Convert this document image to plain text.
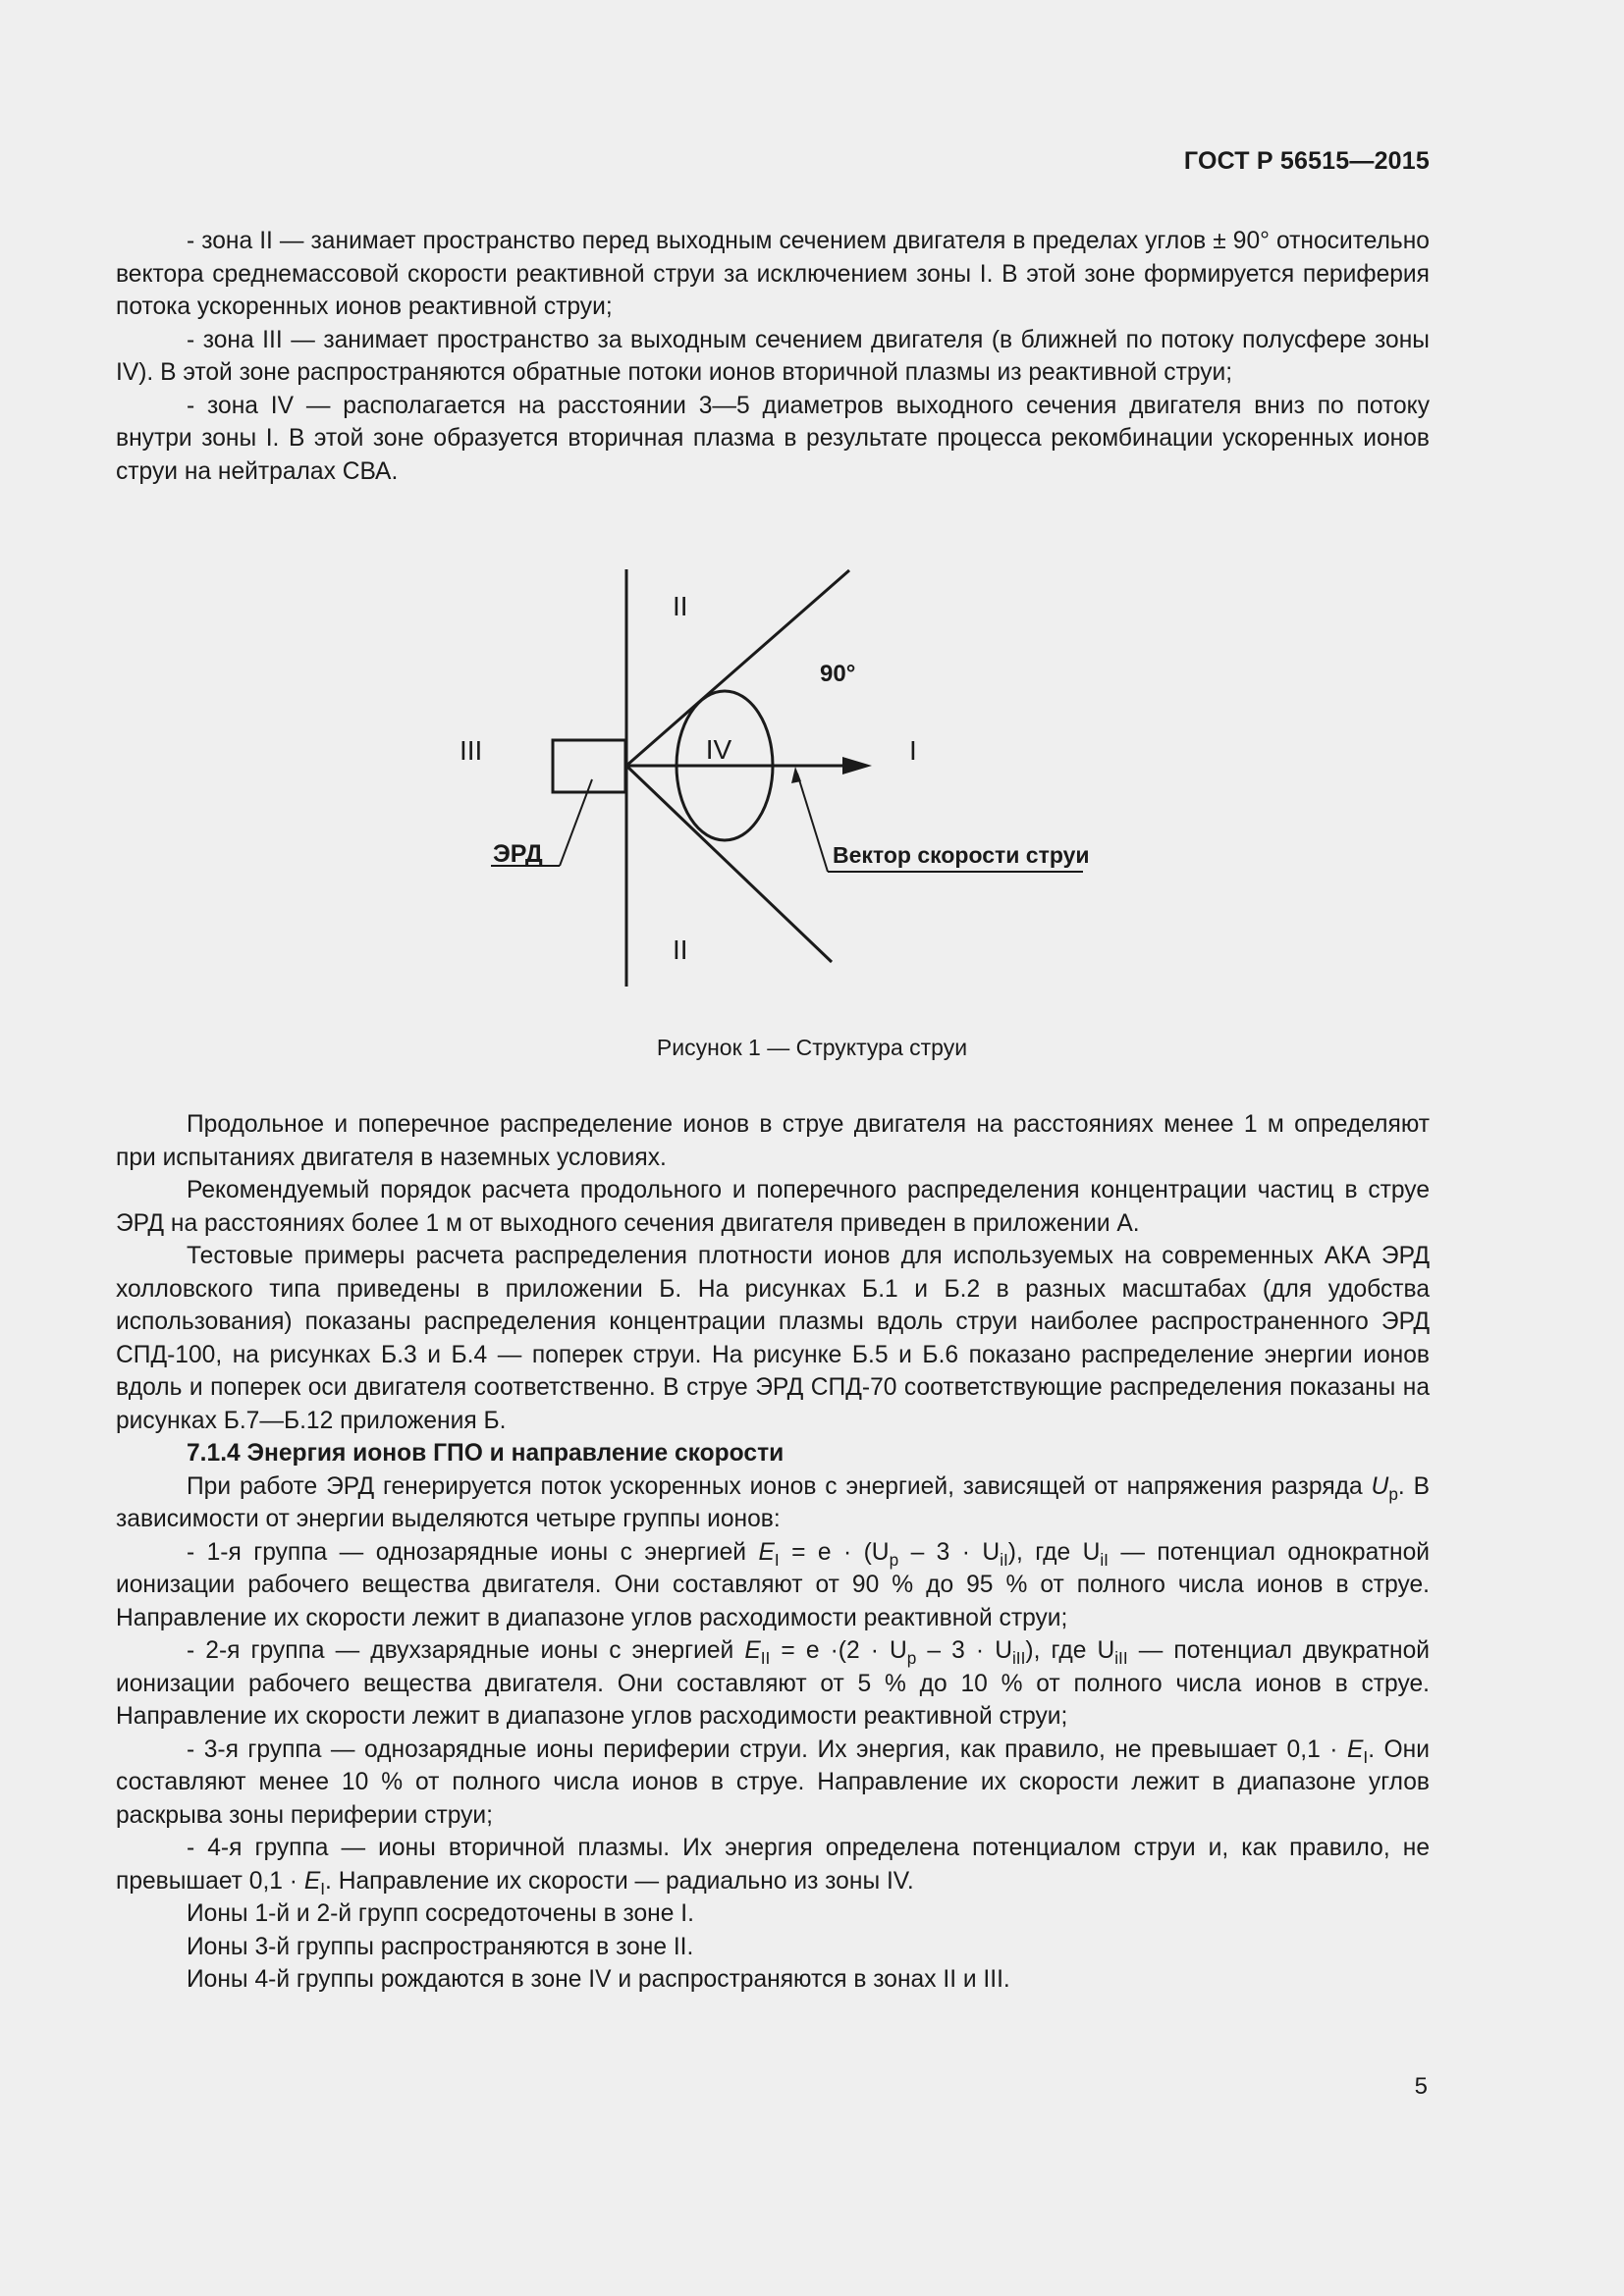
ГОСТ Р 56515—2015

- зона II — занимает пространство перед выходным сечением двигателя в пределах углов ± 90° относительно вектора среднемассовой скорости реактивной струи за исключением зоны I. В этой зоне формируется периферия потока ускоренных ионов реактивной струи;

- зона III — занимает пространство за выходным сечением двигателя (в ближней по потоку полусфере зоны IV). В этой зоне распространяются обратные потоки ионов вторичной плазмы из реактивной струи;

- зона IV — располагается на расстоянии 3—5 диаметров выходного сечения двигателя вниз по потоку внутри зоны I. В этой зоне образуется вторичная плазма в результате процесса рекомбинации ускоренных ионов струи на нейтралах СВА.

II
90°
III	IV	I
ЭРД	Вектор скорости струи
II
Рисунок 1 — Структура струи

Продольное и поперечное распределение ионов в струе двигателя на расстояниях менее 1 м определяют при испытаниях двигателя в наземных условиях.

Рекомендуемый порядок расчета продольного и поперечного распределения концентрации частиц в струе ЭРД на расстояниях более 1 м от выходного сечения двигателя приведен в приложении А.

Тестовые примеры расчета распределения плотности ионов для используемых на современных АКА ЭРД холловского типа приведены в приложении Б. На рисунках Б.1 и Б.2 в разных масштабах (для удобства использования) показаны распределения концентрации плазмы вдоль струи наиболее распространенного ЭРД СПД-100, на рисунках Б.3 и Б.4 — поперек струи. На рисунке Б.5 и Б.6 показано распределение энергии ионов вдоль и поперек оси двигателя соответственно. В струе ЭРД СПД-70 соответствующие распределения показаны на рисунках Б.7—Б.12 приложения Б.

7.1.4 Энергия ионов ГПО и направление скорости

При работе ЭРД генерируется поток ускоренных ионов с энергией, зависящей от напряжения разряда $U_р$. В зависимости от энергии выделяются четыре группы ионов:

- 1-я группа — однозарядные ионы с энергией $E_I = e \cdot (U_р - 3 \cdot U_{iI})$, где $U_{iI}$ — потенциал однократной ионизации рабочего вещества двигателя. Они составляют от 90 % до 95 % от полного числа ионов в струе. Направление их скорости лежит в диапазоне углов расходимости реактивной струи;

- 2-я группа — двухзарядные ионы с энергией $E_{II} = e \cdot(2 \cdot U_р - 3 \cdot U_{iII})$, где $U_{iII}$ — потенциал двукратной ионизации рабочего вещества двигателя. Они составляют от 5 % до 10 % от полного числа ионов в струе. Направление их скорости лежит в диапазоне углов расходимости реактивной струи;

- 3-я группа — однозарядные ионы периферии струи. Их энергия, как правило, не превышает $0,1 \cdot E_I$. Они составляют менее 10 % от полного числа ионов в струе. Направление их скорости лежит в диапазоне углов раскрыва зоны периферии струи;

- 4-я группа — ионы вторичной плазмы. Их энергия определена потенциалом струи и, как правило, не превышает $0,1 \cdot E_I$. Направление их скорости — радиально из зоны IV.

Ионы 1-й и 2-й групп сосредоточены в зоне I.

Ионы 3-й группы распространяются в зоне II.

Ионы 4-й группы рождаются в зоне IV и распространяются в зонах II и III.

5
